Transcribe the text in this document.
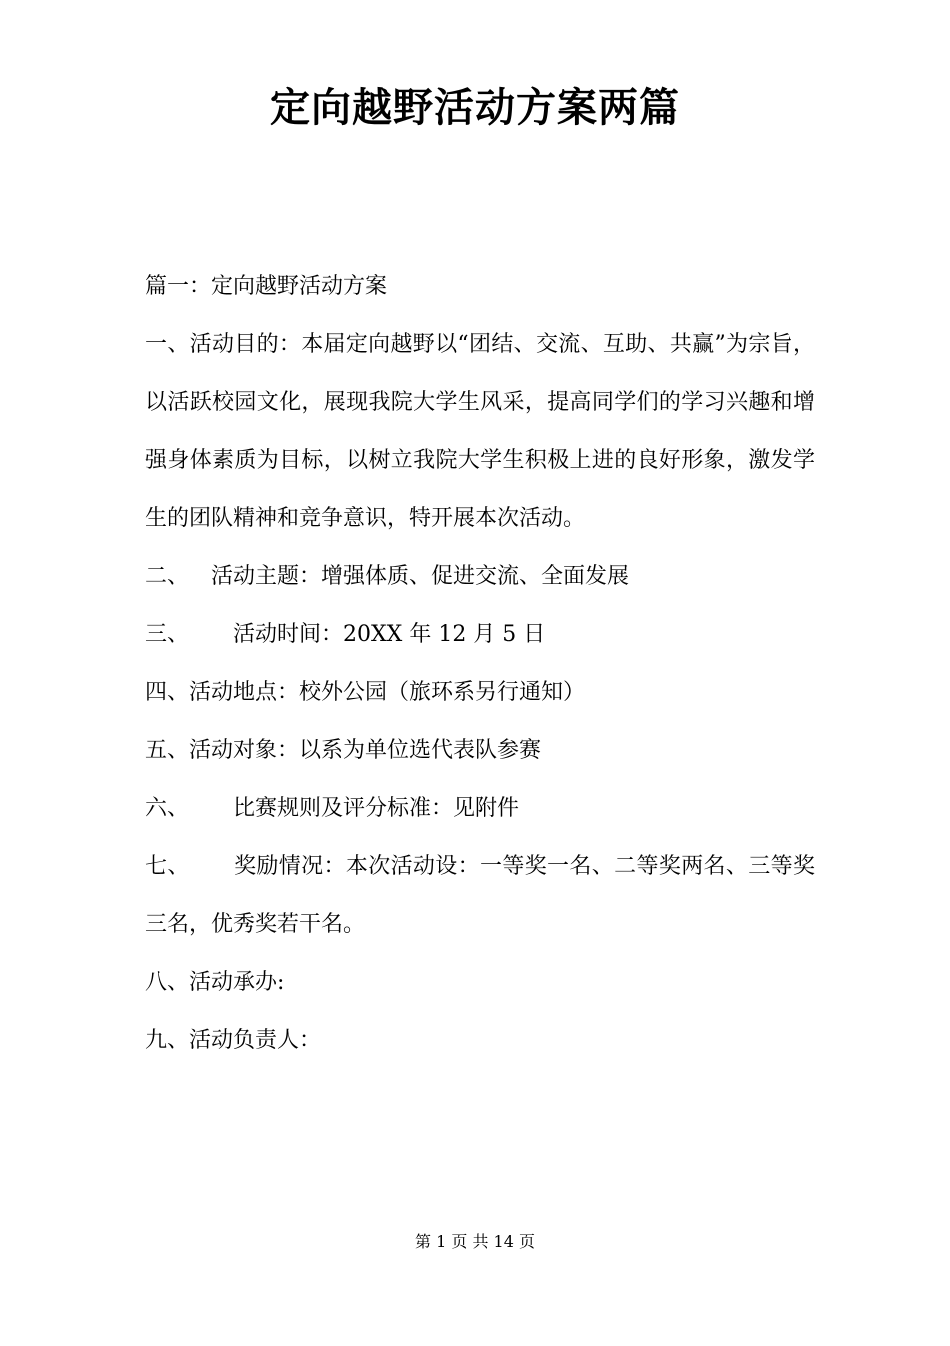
定向越野活动方案两篇

篇一：定向越野活动方案

一、活动目的：本届定向越野以“团结、交流、互助、共赢”为宗旨，以活跃校园文化，展现我院大学生风采，提高同学们的学习兴趣和增强身体素质为目标，以树立我院大学生积极上进的良好形象，激发学生的团队精神和竞争意识，特开展本次活动。

二、 活动主题：增强体质、促进交流、全面发展

三、 活动时间：20XX 年 12 月 5 日

四、活动地点：校外公园（旅环系另行通知）

五、活动对象：以系为单位选代表队参赛

六、 比赛规则及评分标准：见附件

七、 奖励情况：本次活动设：一等奖一名、二等奖两名、三等奖三名，优秀奖若干名。

八、活动承办:

九、活动负责人：

第 1 页 共 14 页
